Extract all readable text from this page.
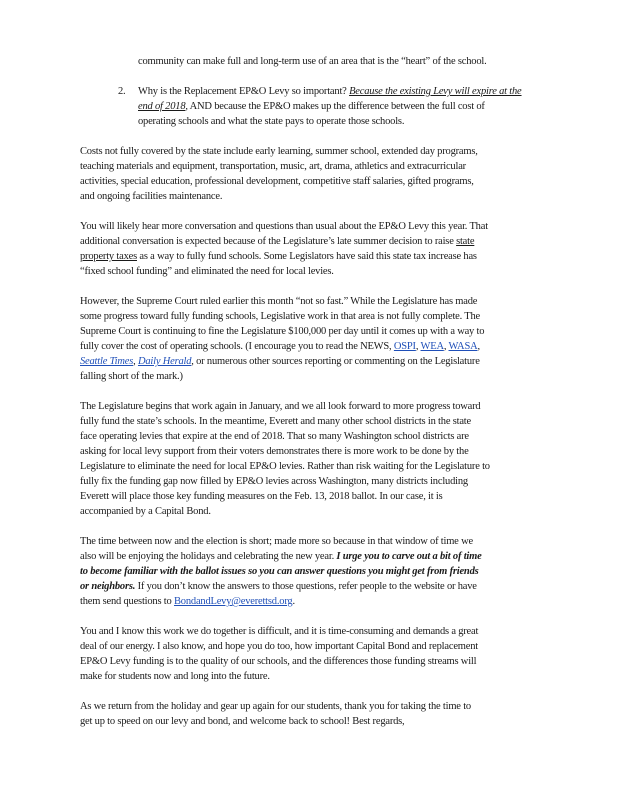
community can make full and long-term use of an area that is the “heart” of the school.
2. Why is the Replacement EP&O Levy so important? Because the existing Levy will expire at the
end of 2018, AND because the EP&O makes up the difference between the full cost of
operating schools and what the state pays to operate those schools.
Costs not fully covered by the state include early learning, summer school, extended day programs,
teaching materials and equipment, transportation, music, art, drama, athletics and extracurricular
activities, special education, professional development, competitive staff salaries, gifted programs,
and ongoing facilities maintenance.
You will likely hear more conversation and questions than usual about the EP&O Levy this year. That
additional conversation is expected because of the Legislature’s late summer decision to raise state
property taxes as a way to fully fund schools. Some Legislators have said this state tax increase has
“fixed school funding” and eliminated the need for local levies.
However, the Supreme Court ruled earlier this month “not so fast.” While the Legislature has made
some progress toward fully funding schools, Legislative work in that area is not fully complete. The
Supreme Court is continuing to fine the Legislature $100,000 per day until it comes up with a way to
fully cover the cost of operating schools. (I encourage you to read the NEWS, OSPI, WEA, WASA,
Seattle Times, Daily Herald, or numerous other sources reporting or commenting on the Legislature
falling short of the mark.)
The Legislature begins that work again in January, and we all look forward to more progress toward
fully fund the state’s schools. In the meantime, Everett and many other school districts in the state
face operating levies that expire at the end of 2018. That so many Washington school districts are
asking for local levy support from their voters demonstrates there is more work to be done by the
Legislature to eliminate the need for local EP&O levies. Rather than risk waiting for the Legislature to
fully fix the funding gap now filled by EP&O levies across Washington, many districts including
Everett will place those key funding measures on the Feb. 13, 2018 ballot. In our case, it is
accompanied by a Capital Bond.
The time between now and the election is short; made more so because in that window of time we
also will be enjoying the holidays and celebrating the new year. I urge you to carve out a bit of time
to become familiar with the ballot issues so you can answer questions you might get from friends
or neighbors. If you don’t know the answers to those questions, refer people to the website or have
them send questions to BondandLevy@everettsd.org.
You and I know this work we do together is difficult, and it is time-consuming and demands a great
deal of our energy. I also know, and hope you do too, how important Capital Bond and replacement
EP&O Levy funding is to the quality of our schools, and the differences those funding streams will
make for students now and long into the future.
As we return from the holiday and gear up again for our students, thank you for taking the time to
get up to speed on our levy and bond, and welcome back to school! Best regards,
